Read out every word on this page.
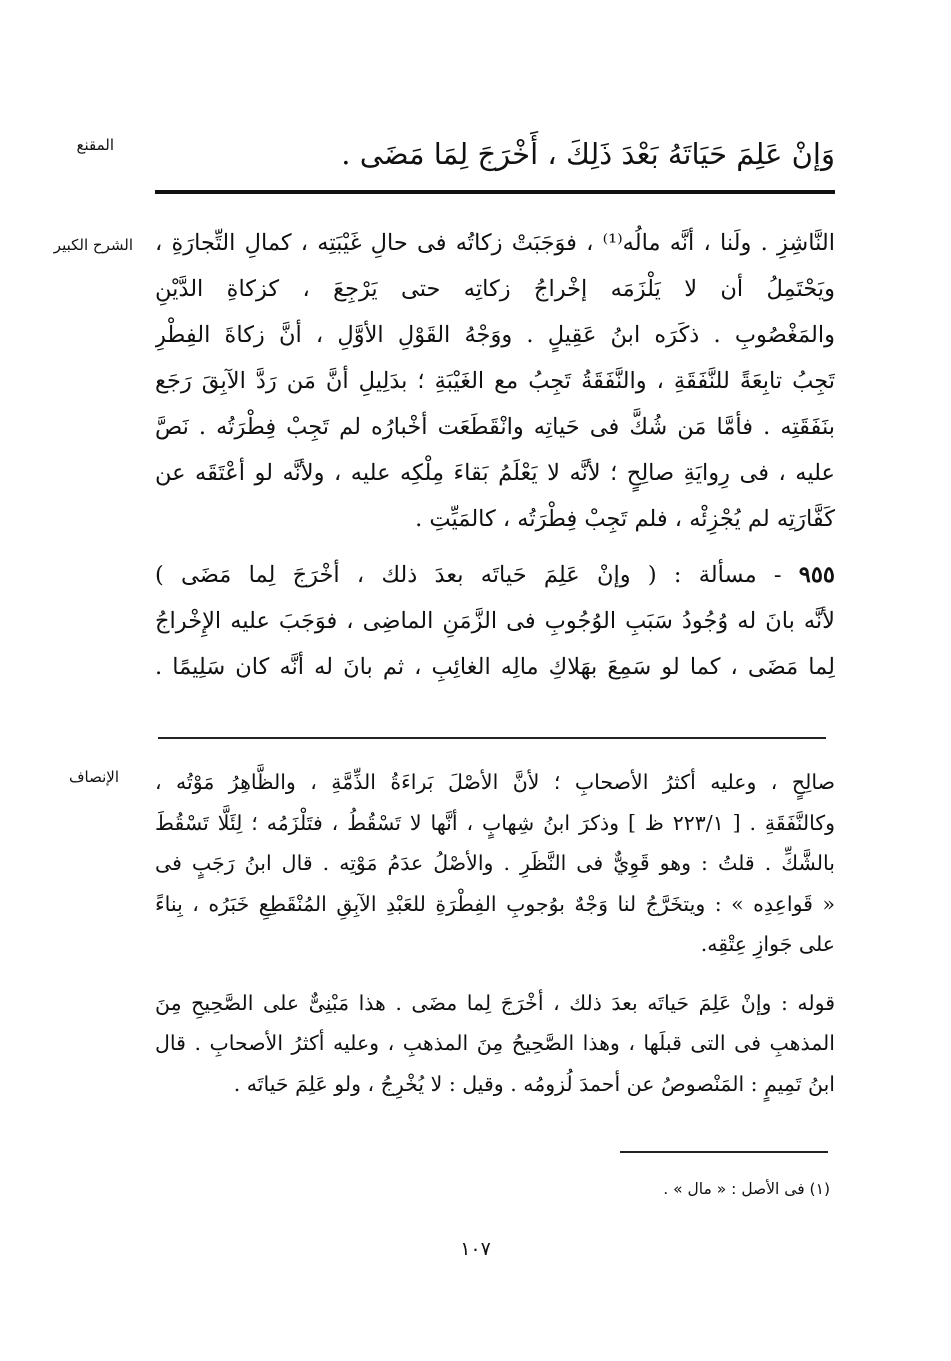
المقنع
الشرح الكبير
الإنصاف
وَإنْ عَلِمَ حَيَاتَهُ بَعْدَ ذَلِكَ ، أَخْرَجَ لِمَا مَضَى .
النَّاشِزِ . ولَنا ، أنَّه مالُه⁽¹⁾ ، فوَجَبَتْ زكاتُه فى حالِ غَيْبَتِه ، كمالِ التِّجارَةِ ،
ويَحْتَمِلُ أن لا يَلْزَمَه إخْراجُ زكاتِه حتى يَرْجِعَ ، كزكاةِ الدَّيْنِ
والمَغْصُوبِ . ذكَرَه ابنُ عَقِيلٍ . ووَجْهُ القَوْلِ الأوَّلِ ، أنَّ زكاةَ الفِطْرِ
تَجِبُ تابِعَةً للنَّفَقَةِ ، والنَّفَقَةُ تَجِبُ مع الغَيْبَةِ ؛ بدَلِيلِ أنَّ مَن رَدَّ الآبِقَ رَجَع
بنَفَقَتِه . فأمَّا مَن شُكَّ فى حَياتِه وانْقَطَعَت أخْبارُه لم تَجِبْ فِطْرَتُه . نَصَّ
عليه ، فى رِوايَةِ صالِحٍ ؛ لأنَّه لا يَعْلَمُ بَقاءَ مِلْكِه عليه ، ولأنَّه لو أعْتَقَه عن
كَفَّارَتِه لم يُجْزِئْه ، فلم تَجِبْ فِطْرَتُه ، كالمَيِّتِ .
٩٥٥ - مسألة : ( وإنْ عَلِمَ حَياتَه بعدَ ذلك ، أخْرَجَ لِما مَضَى )
لأنَّه بانَ له وُجُودُ سَبَبِ الوُجُوبِ فى الزَّمَنِ الماضِى ، فوَجَبَ عليه الإِخْراجُ
لِما مَضَى ، كما لو سَمِعَ بهَلاكِ مالِه الغائِبِ ، ثم بانَ له أنَّه كان سَلِيمًا .
صالِحٍ ، وعليه أكثرُ الأصحابِ ؛ لأنَّ الأصْلَ بَراءَةُ الذِّمَّةِ ، والظَّاهِرُ مَوْتُه ،
وكالنَّفَقَةِ . [ ٢٢٣/١ ظ ] وذكرَ ابنُ شِهابٍ ، أنَّها لا تَسْقُطُ ، فتَلْزَمُه ؛ لِئَلَّا تَسْقُطَ
بالشَّكِّ . قلتُ : وهو قَوِيٌّ فى النَّظَرِ . والأصْلُ عدَمُ مَوْتِه . قال ابنُ رَجَبٍ فى
« قَواعِدِه » : ويتخَرَّجُ لنا وَجْهٌ بوُجوبِ الفِطْرَةِ للعَبْدِ الآبِقِ المُنْقَطِعِ خَبَرُه ، بِناءً
على جَوازِ عِتْقِه.
قوله : وإنْ عَلِمَ حَياتَه بعدَ ذلك ، أخْرَجَ لِما مضَى . هذا مَبْنِىٌّ على الصَّحِيحِ مِنَ
المذهبِ فى التى قبلَها ، وهذا الصَّحِيحُ مِنَ المذهبِ ، وعليه أكثرُ الأصحابِ . قال
ابنُ تَمِيمٍ : المَنْصوصُ عن أحمدَ لُزومُه . وقيل : لا يُخْرِجُ ، ولو عَلِمَ حَياتَه .
(١) فى الأصل : « مال » .
١٠٧
